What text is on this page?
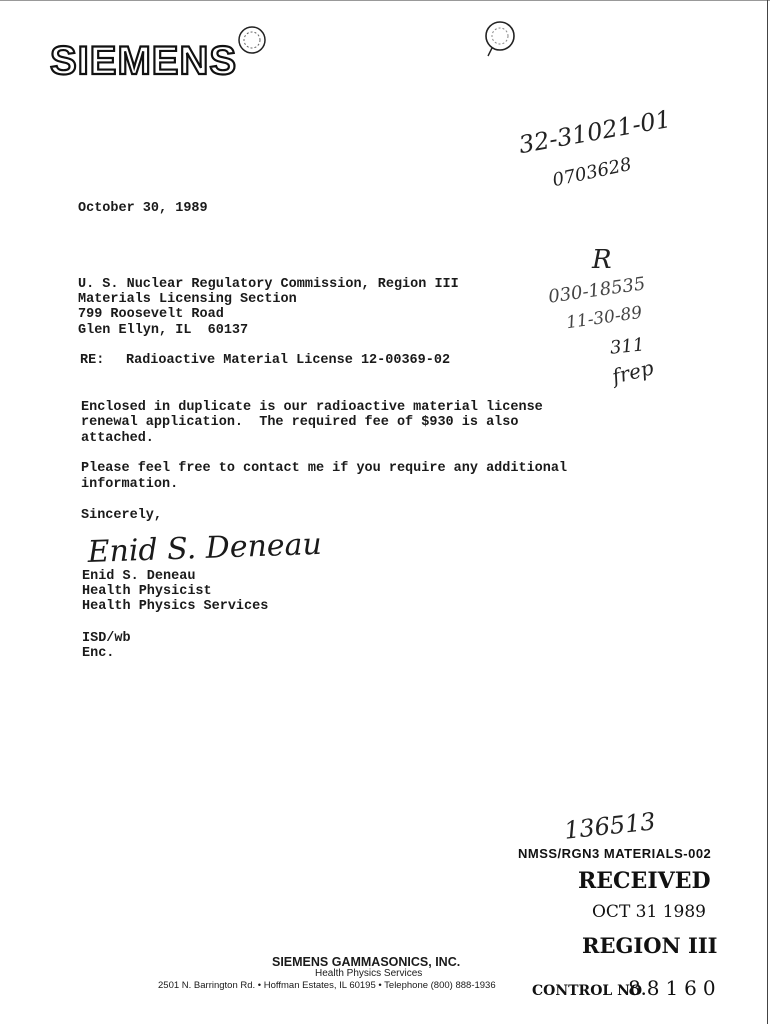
SIEMENS
32-31021-01
0703628
R
030-18535
11-30-89
311
frep
October 30, 1989
U. S. Nuclear Regulatory Commission, Region III
Materials Licensing Section
799 Roosevelt Road
Glen Ellyn, IL  60137
RE: Radioactive Material License 12-00369-02
Enclosed in duplicate is our radioactive material license
renewal application.  The required fee of $930 is also
attached.
Please feel free to contact me if you require any additional
information.
Sincerely,
Enid S. Deneau
Enid S. Deneau
Health Physicist
Health Physics Services
ISD/wb
Enc.
136513
NMSS/RGN3 MATERIALS-002
RECEIVED
OCT 31 1989
REGION III
CONTROL NO.
88160
SIEMENS GAMMASONICS, INC.
Health Physics Services
2501 N. Barrington Rd. • Hoffman Estates, IL 60195 • Telephone (800) 888-1936
